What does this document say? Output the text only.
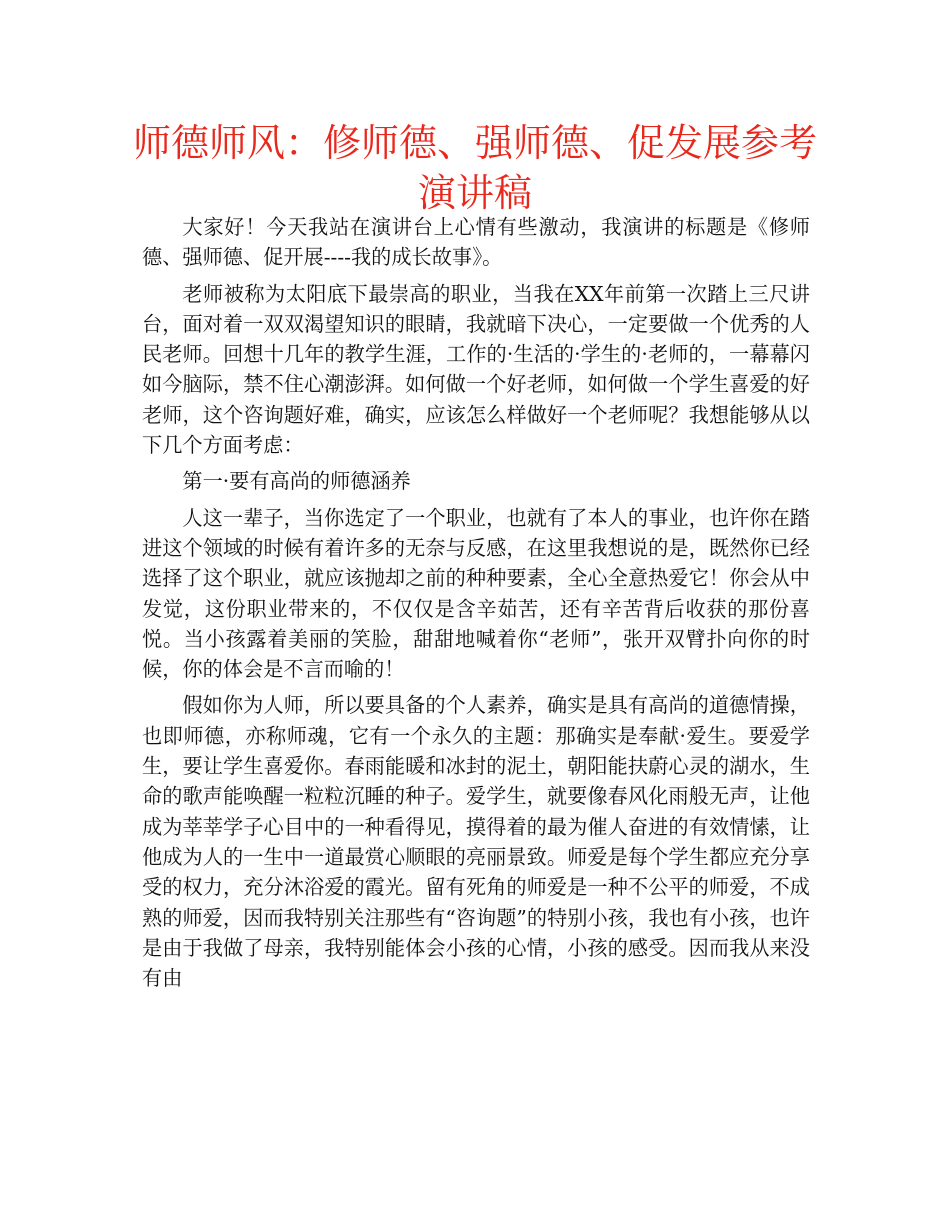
师德师风：修师德、强师德、促发展参考演讲稿

大家好！今天我站在演讲台上心情有些激动，我演讲的标题是《修师德、强师德、促开展----我的成长故事》。

老师被称为太阳底下最崇高的职业，当我在XX年前第一次踏上三尺讲台，面对着一双双渴望知识的眼睛，我就暗下决心，一定要做一个优秀的人民老师。回想十几年的教学生涯，工作的·生活的·学生的·老师的，一幕幕闪如今脑际，禁不住心潮澎湃。如何做一个好老师，如何做一个学生喜爱的好老师，这个咨询题好难，确实，应该怎么样做好一个老师呢？我想能够从以下几个方面考虑：

第一·要有高尚的师德涵养

人这一辈子，当你选定了一个职业，也就有了本人的事业，也许你在踏进这个领域的时候有着许多的无奈与反感，在这里我想说的是，既然你已经选择了这个职业，就应该抛却之前的种种要素，全心全意热爱它！你会从中发觉，这份职业带来的，不仅仅是含辛茹苦，还有辛苦背后收获的那份喜悦。当小孩露着美丽的笑脸，甜甜地喊着你“老师”，张开双臂扑向你的时候，你的体会是不言而喻的！

假如你为人师，所以要具备的个人素养，确实是具有高尚的道德情操，也即师德，亦称师魂，它有一个永久的主题：那确实是奉献·爱生。要爱学生，要让学生喜爱你。春雨能暖和冰封的泥土，朝阳能扶蔚心灵的湖水，生命的歌声能唤醒一粒粒沉睡的种子。爱学生，就要像春风化雨般无声，让他成为莘莘学子心目中的一种看得见，摸得着的最为催人奋进的有效情愫，让他成为人的一生中一道最赏心顺眼的亮丽景致。师爱是每个学生都应充分享受的权力，充分沐浴爱的霞光。留有死角的师爱是一种不公平的师爱，不成熟的师爱，因而我特别关注那些有“咨询题”的特别小孩，我也有小孩，也许是由于我做了母亲，我特别能体会小孩的心情，小孩的感受。因而我从来没有由
